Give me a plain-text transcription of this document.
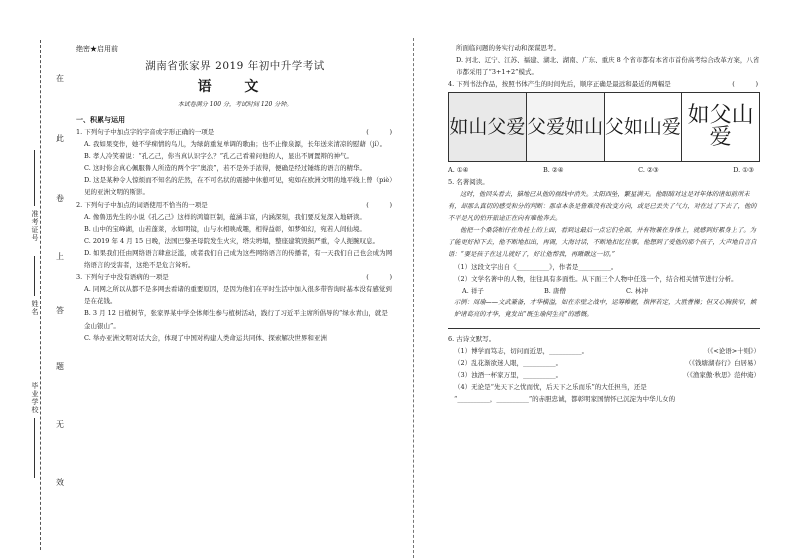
在
此
卷
上
答
题
无
效
准考证号
姓名
毕业学校
绝密★启用前
湖南省张家界 2019 年初中升学考试
语 文
本试卷满分 100 分，考试时间 120 分钟。
一、积累与运用
1. 下列句子中加点字的字音或字形正确的一项是	(          )
A. 我如果变作，她不学痴情的鸟儿，为绿荫重复单调的歌曲；也不止像泉源，长年送来清凉的慰藉（jí）。
B. 孝人冷笑着说：“孔乙己，你当真认识字么？”孔乙己看着问他的人，显出不屑置辩的神气。
C. 这时你会真心佩服鲁人所造的两个字“奥浪”，若不是外手浓得，便确是经过锤练的语言的精华。
D. 这是某种令人惊烦而不知名的茫然，在不可名状的震撼中休憩可见，宛如在欧洲文明的地平线上曾（piè）见的亚洲文明的斯影。
2. 下列句子中加点的词语使用不恰当的一项是	(          )
A. 像鲁迅先生的小说《孔乙己》这样的鸿篇巨制，蕴涵丰富，内涵深刻，我们要反复深入地研读。
B. 山中的宝峰湖，山若蓬莱，水如明镜，山与水相映成趣，相得益彰，如梦如幻，宛若人间仙境。
C. 2019 年 4 月 15 日晚，法国巴黎圣母院发生火灾，塔尖坍塌，整座建筑毁损严重，令人扼腕叹息。
D. 如果我们任由网络语言肆意泛滥，或者我们自己成为这些网络语言的传播者，有一天我们自己也会成为网络语言的受害者，这绝不是危言耸听。
3. 下列句子中没有语病的一项是	(          )
A. 同网之所以从都不是多网去看诸的重要原因，是因为他们在平时生活中加入很多带咨询时基本没有感觉到是在花钱。
B. 3 月 12 日植树节，张家界某中学全体师生参与植树活动，践行了习近平主席所倡导的“绿水青山，就是金山银山”。
C. 举办亚洲文明对话大会，体现了中国对构建人类命运共同体、探索解决世界和亚洲
所面临问题的务实行动和深谋思考。
D. 河北、辽宁、江苏、福建、湖北、湖南、广东、重庆 8 个省市都有本省市首份高考综合改革方案，八省市都采用了“3+1+2”模式。
4. 下列书法作品，按照书体产生的时间先后，顺序正确是最远和最近的两幅是	(          )
如山父爱 父爱如山 父如山爱 如父山爱
A. ①④	B. ②④	C. ②③	D. ①③
5. 名著阅读。
这时，他回头看去，猫地已从他的视线中消失。太阳西坠，繁星满天。他眼睛对这是对年体的诸如前所未有，却那么真切的感受和分的判断：那卓本条是鲁难没有改变方向，或是已丢失了气力，对在过了下去了，他的不平是凡的怕开旅途正在向有难他奔去。
他把一个桑袋帕仔在角桂上的上面，看到这最后一点它们全部，并有物兼在身体上，就感到好累身上了。为了能更好掉下去，他不断地扣出，再调，大海讨话，不断地扣忆往事。他想到了爱他的那个孩子，大声地自言自语：“要是孩子在这儿就好了，好让他帮我，再瞅瞅这一切。”
（1）这段文字出自《__________》，作者是__________。
（2）文学名著中的人物，往往具有多面性。从下面三个人物中任选一个，结合相关情节进行分析。
A. 祥子	B. 唐僧	C. 林冲
示例：周瑜——文武兼备，才华横溢，如在赤壁之战中，运筹帷幄，指挥若定，大胜曹操；但又心胸狭窄，嫉妒诸葛亮的才华，竟发出“既生瑜何生亮”的感慨。
6. 古诗文默写。
（1）博学而笃志，切问而近思，__________。	（《<论语>十则》）
（2）乱花渐欲迷人眼，__________。	（《钱塘湖春行》白居易）
（3）浊酒一杯家万里，__________。	（《渔家傲·秋思》范仲淹）
（4）无论是“先天下之忧而忧，后天下之乐而乐”的大任担当，还是
“__________，__________”的赤胆忠诚，都彰明家国情怀已沉淀为中华儿女的
